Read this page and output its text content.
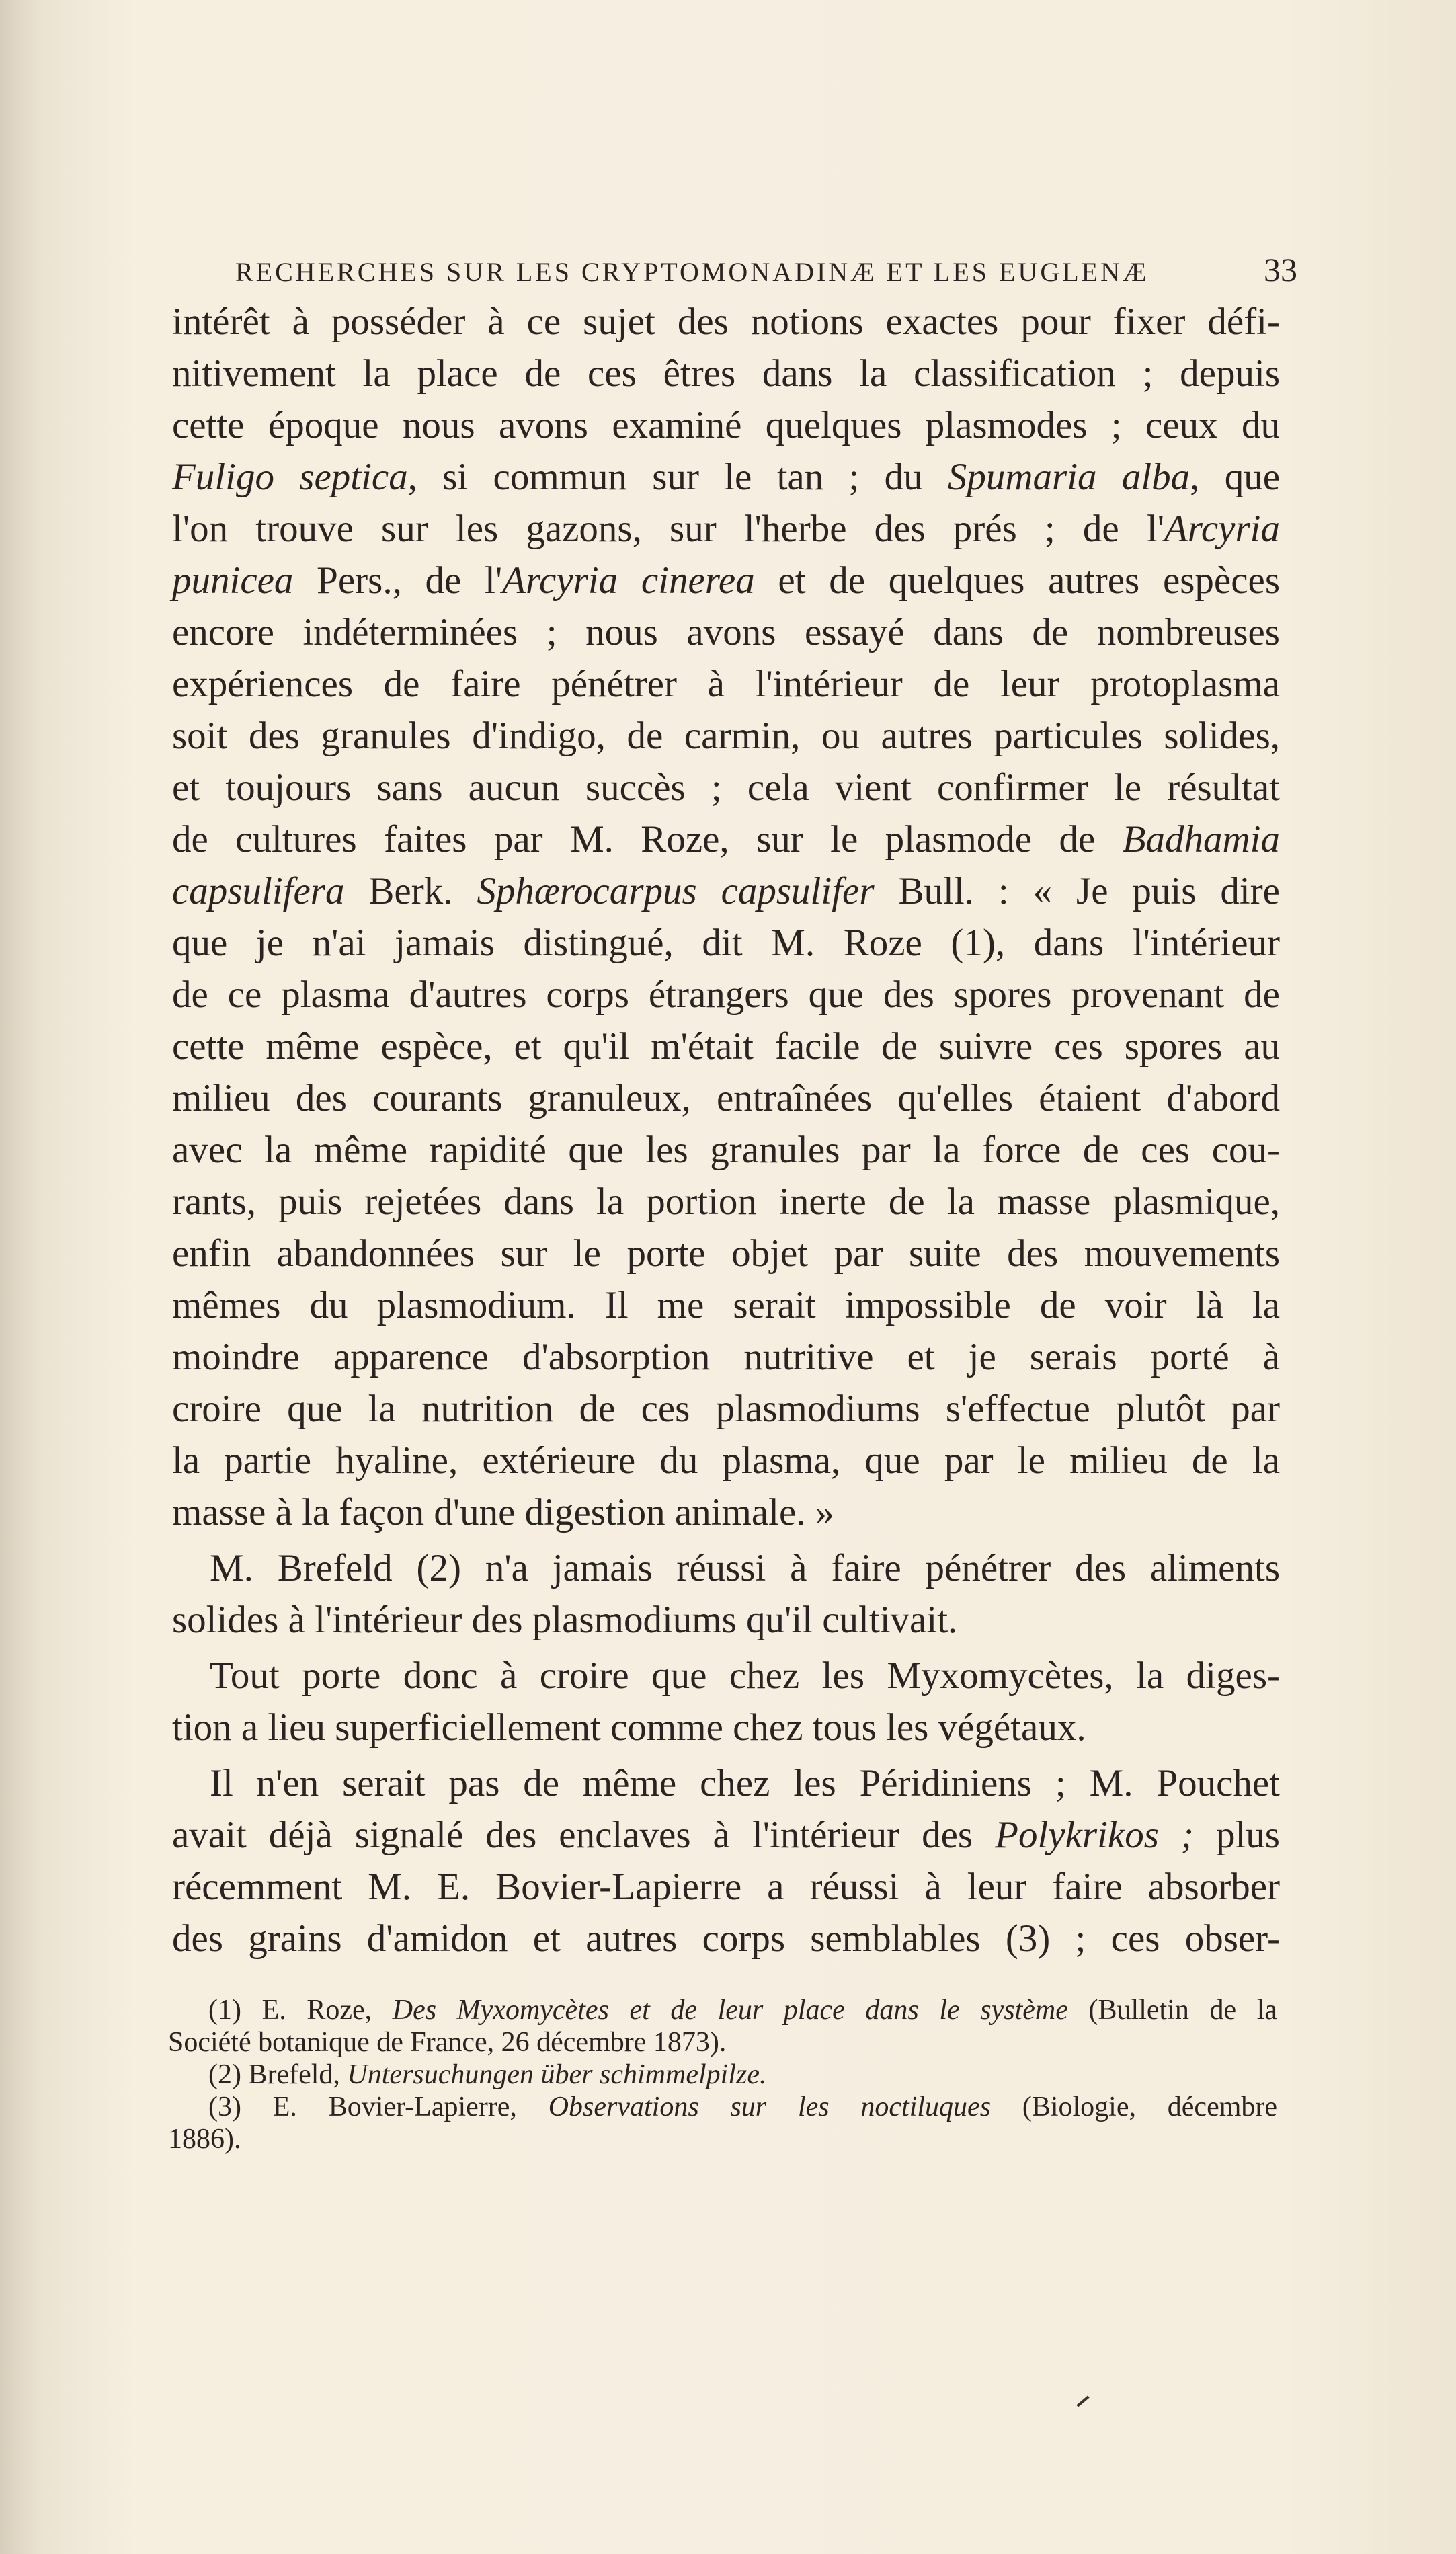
RECHERCHES SUR LES CRYPTOMONADINÆ ET LES EUGLENÆ	33
intérêt à posséder à ce sujet des notions exactes pour fixer défi-
nitivement la place de ces êtres dans la classification ; depuis
cette époque nous avons examiné quelques plasmodes ; ceux du
Fuligo septica, si commun sur le tan ; du Spumaria alba, que
l'on trouve sur les gazons, sur l'herbe des prés ; de l'Arcyria
punicea Pers., de l'Arcyria cinerea et de quelques autres espèces
encore indéterminées ; nous avons essayé dans de nombreuses
expériences de faire pénétrer à l'intérieur de leur protoplasma
soit des granules d'indigo, de carmin, ou autres particules solides,
et toujours sans aucun succès ; cela vient confirmer le résultat
de cultures faites par M. Roze, sur le plasmode de Badhamia
capsulifera Berk. Sphærocarpus capsulifer Bull. : « Je puis dire
que je n'ai jamais distingué, dit M. Roze (1), dans l'intérieur
de ce plasma d'autres corps étrangers que des spores provenant de
cette même espèce, et qu'il m'était facile de suivre ces spores au
milieu des courants granuleux, entraînées qu'elles étaient d'abord
avec la même rapidité que les granules par la force de ces cou-
rants, puis rejetées dans la portion inerte de la masse plasmique,
enfin abandonnées sur le porte objet par suite des mouvements
mêmes du plasmodium. Il me serait impossible de voir là la
moindre apparence d'absorption nutritive et je serais porté à
croire que la nutrition de ces plasmodiums s'effectue plutôt par
la partie hyaline, extérieure du plasma, que par le milieu de la
masse à la façon d'une digestion animale. »
M. Brefeld (2) n'a jamais réussi à faire pénétrer des aliments
solides à l'intérieur des plasmodiums qu'il cultivait.
Tout porte donc à croire que chez les Myxomycètes, la diges-
tion a lieu superficiellement comme chez tous les végétaux.
Il n'en serait pas de même chez les Péridiniens ; M. Pouchet
avait déjà signalé des enclaves à l'intérieur des Polykrikos ; plus
récemment M. E. Bovier-Lapierre a réussi à leur faire absorber
des grains d'amidon et autres corps semblables (3) ; ces obser-
(1) E. Roze, Des Myxomycètes et de leur place dans le système (Bulletin de la
Société botanique de France, 26 décembre 1873).
(2) Brefeld, Untersuchungen über schimmelpilze.
(3) E. Bovier-Lapierre, Observations sur les noctiluques (Biologie, décembre
1886).
